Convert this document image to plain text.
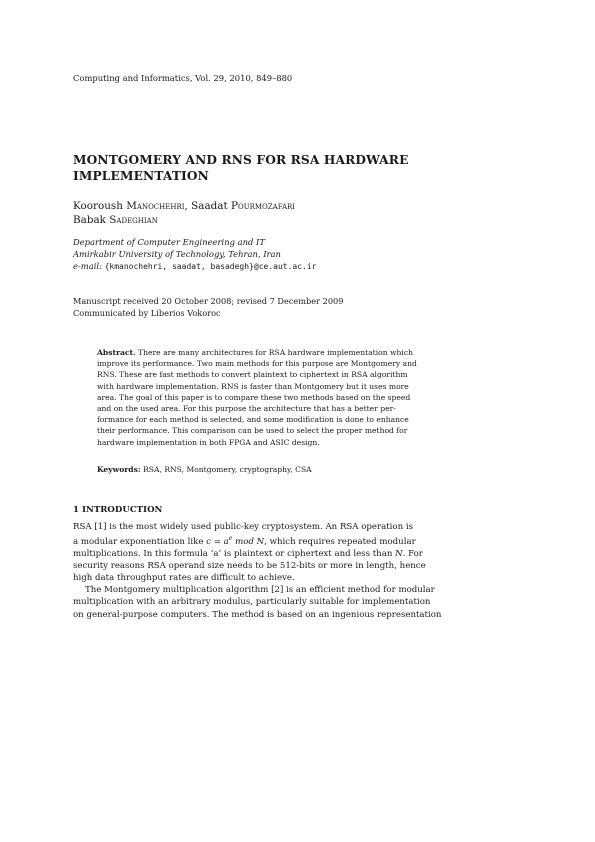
Computing and Informatics, Vol. 29, 2010, 849–880
MONTGOMERY AND RNS FOR RSA HARDWARE
IMPLEMENTATION
Kooroush Manochehri, Saadat Pourmozafari
Babak Sadeghian
Department of Computer Engineering and IT
Amirkabir University of Technology, Tehran, Iran
e-mail: {kmanochehri, saadat, basadegh}@ce.aut.ac.ir
Manuscript received 20 October 2008; revised 7 December 2009
Communicated by Liberios Vokorос
Abstract. There are many architectures for RSA hardware implementation which
improve its performance. Two main methods for this purpose are Montgomery and
RNS. These are fast methods to convert plaintext to ciphertext in RSA algorithm
with hardware implementation. RNS is faster than Montgomery but it uses more
area. The goal of this paper is to compare these two methods based on the speed
and on the used area. For this purpose the architecture that has a better per-
formance for each method is selected, and some modification is done to enhance
their performance. This comparison can be used to select the proper method for
hardware implementation in both FPGA and ASIC design.
Keywords: RSA, RNS, Montgomery, cryptography, CSA
1 INTRODUCTION
RSA [1] is the most widely used public-key cryptosystem. An RSA operation is
a modular exponentiation like $c = a^e$ mod N, which requires repeated modular
multiplications. In this formula ‘a’ is plaintext or ciphertext and less than N. For
security reasons RSA operand size needs to be 512-bits or more in length, hence
high data throughput rates are difficult to achieve.
The Montgomery multiplication algorithm [2] is an efficient method for modular
multiplication with an arbitrary modulus, particularly suitable for implementation
on general-purpose computers. The method is based on an ingenious representation
